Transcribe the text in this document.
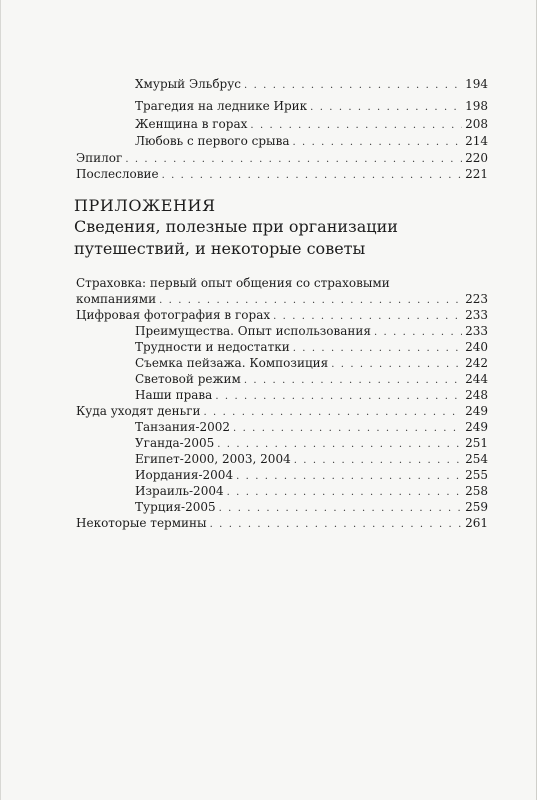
Хмурый Эльбрус . . .	194
Трагедия на леднике Ирик . . .	198
Женщина в горах . . .	208
Любовь с первого срыва . . .	214
Эпилог . . .	220
Послесловие . . .	221
ПРИЛОЖЕНИЯ
Сведения, полезные при организации
путешествий, и некоторые советы
Страховка: первый опыт общения со страховыми
компаниями . . .	223
Цифровая фотография в горах . . .	233
Преимущества. Опыт использования . . .	233
Трудности и недостатки . . .	240
Съемка пейзажа. Композиция . . .	242
Световой режим . . .	244
Наши права . . .	248
Куда уходят деньги . . .	249
Танзания-2002 . . .	249
Уганда-2005 . . .	251
Египет-2000, 2003, 2004 . . .	254
Иордания-2004 . . .	255
Израиль-2004 . . .	258
Турция-2005 . . .	259
Некоторые термины . . .	261
